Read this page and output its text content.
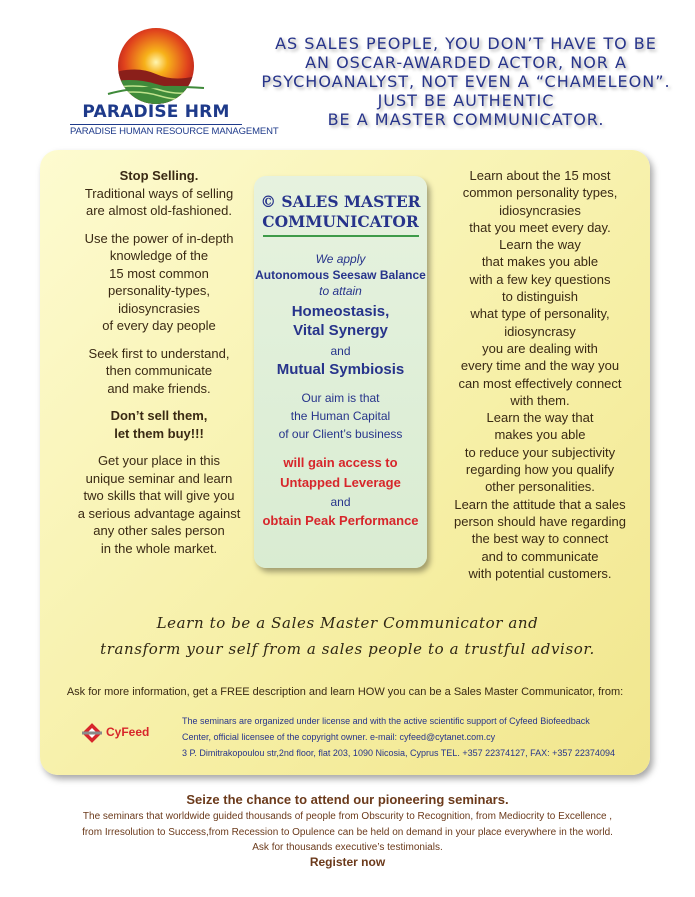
PARADISE HRM
PARADISE HUMAN RESOURCE MANAGEMENT
AS SALES PEOPLE, YOU DON’T HAVE TO BE
AN OSCAR-AWARDED ACTOR, NOR A
PSYCHOANALYST, NOT EVEN A “CHAMELEON”.
JUST BE AUTHENTIC
BE A MASTER COMMUNICATOR.

Stop Selling.
Traditional ways of selling
are almost old-fashioned.

Use the power of in-depth
knowledge of the
15 most common
personality-types,
idiosyncrasies
of every day people

Seek first to understand,
then communicate
and make friends.

Don’t sell them,
let them buy!!!

Get your place in this
unique seminar and learn
two skills that will give you
a serious advantage against
any other sales person
in the whole market.

© SALES MASTER
COMMUNICATOR
We apply
Autonomous Seesaw Balance
to attain
Homeostasis,
Vital Synergy
and
Mutual Symbiosis
Our aim is that
the Human Capital
of our Client’s business
will gain access to
Untapped Leverage
and
obtain Peak Performance
Learn about the 15 most
common personality types,
idiosyncrasies
that you meet every day.
Learn the way
that makes you able
with a few key questions
to distinguish
what type of personality,
idiosyncrasy
you are dealing with
every time and the way you
can most effectively connect
with them.
Learn the way that
makes you able
to reduce your subjectivity
regarding how you qualify
other personalities.
Learn the attitude that a sales
person should have regarding
the best way to connect
and to communicate
with potential customers.
Learn to be a Sales Master Communicator and
transform your self from a sales people to a trustful advisor.
Ask for more information, get a FREE description and learn HOW you can be a Sales Master Communicator, from:
CyFeed
The seminars are organized under license and with the active scientific support of Cyfeed Biofeedback
Center, official licensee of the copyright owner. e-mail: cyfeed@cytanet.com.cy
3 P. Dimitrakopoulou str,2nd floor, flat 203, 1090 Nicosia, Cyprus TEL. +357 22374127, FAX: +357 22374094
Seize the chance to attend our pioneering seminars.
The seminars that worldwide guided thousands of people from Obscurity to Recognition, from Mediocrity to Excellence ,
from Irresolution to Success,from Recession to Opulence can be held on demand in your place everywhere in the world.
Ask for thousands executive’s testimonials.
Register now
